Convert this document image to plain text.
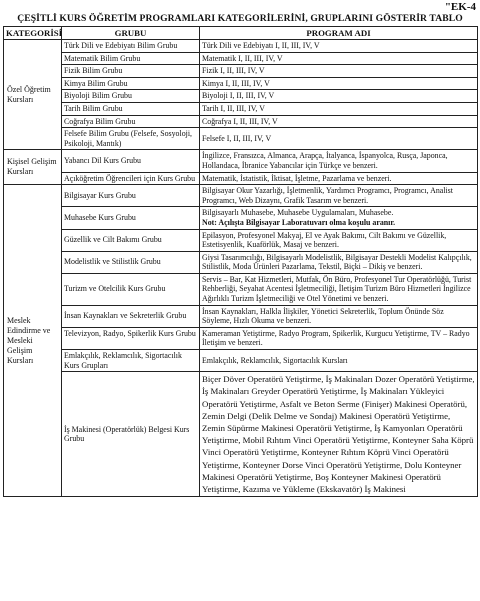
"EK-4
ÇEŞİTLİ KURS ÖĞRETİM PROGRAMLARI KATEGORİLERİNİ, GRUPLARINI GÖSTERİR TABLO
KATEGORİSİ	GRUBU	PROGRAM ADI
Özel Öğretim Kursları	Türk Dili ve Edebiyatı Bilim Grubu	Türk Dili ve Edebiyatı I, II, III, IV, V
	Matematik Bilim Grubu	Matematik I, II, III, IV, V
	Fizik Bilim Grubu	Fizik I, II, III, IV, V
	Kimya Bilim Grubu	Kimya I, II, III, IV, V
	Biyoloji Bilim Grubu	Biyoloji I, II, III, IV, V
	Tarih Bilim Grubu	Tarih I, II, III, IV, V
	Coğrafya Bilim Grubu	Coğrafya I, II, III, IV, V
	Felsefe Bilim Grubu (Felsefe, Sosyoloji, Psikoloji, Mantık)	Felsefe I, II, III, IV, V
Kişisel Gelişim Kursları	Yabancı Dil Kurs Grubu	İngilizce, Fransızca, Almanca, Arapça, İtalyanca, İspanyolca, Rusça, Japonca, Hollandaca, İbranice Yabancılar için Türkçe ve benzeri.
	Açıköğretim Öğrencileri için Kurs Grubu	Matematik, İstatistik, İktisat, İşletme, Pazarlama ve benzeri.
Meslek Edindirme ve Mesleki Gelişim Kursları	Bilgisayar Kurs Grubu	Bilgisayar Okur Yazarlığı, İşletmenlik, Yardımcı Programcı, Programcı, Analist Programcı, Web Dizaynı, Grafik Tasarım ve benzeri.
	Muhasebe Kurs Grubu	Bilgisayarlı Muhasebe, Muhasebe Uygulamaları, Muhasebe.
Not: Açılışta Bilgisayar Laboratuvarı olma koşulu aranır.

	Güzellik ve Cilt Bakımı Grubu	Epilasyon, Profesyonel Makyaj, El ve Ayak Bakımı, Cilt Bakımı ve Güzellik, Estetisyenlik, Kuaförlük, Masaj ve benzeri.
	Modelistlik ve Stilistlik Grubu	Giysi Tasarımcılığı, Bilgisayarlı Modelistlik, Bilgisayar Destekli Modelist Kalıpçılık, Stilistlik, Moda Ürünleri Pazarlama, Tekstil, Biçki – Dikiş ve benzeri.
	Turizm ve Otelcilik Kurs Grubu	Servis – Bar, Kat Hizmetleri, Mutfak, Ön Büro, Profesyonel Tur Operatörlüğü, Turist Rehberliği, Seyahat Acentesi İşletmeciliği, İletişim Turizm Büro Hizmetleri İngilizce Ağırlıklı Turizm İşletmeciliği ve Otel Yönetimi ve benzeri.
	İnsan Kaynakları ve Sekreterlik Grubu	İnsan Kaynakları, Halkla İlişkiler, Yönetici Sekreterlik, Toplum Önünde Söz Söyleme, Hızlı Okuma ve benzeri.
	Televizyon, Radyo, Spikerlik Kurs Grubu	Kameraman Yetiştirme, Radyo Program, Spikerlik, Kurgucu Yetiştirme, TV – Radyo İletişim ve benzeri.
	Emlakçılık, Reklamcılık, Sigortacılık Kurs Grupları	Emlakçılık, Reklamcılık, Sigortacılık Kursları
	İş Makinesi (Operatörlük) Belgesi Kurs Grubu	Biçer Döver Operatörü Yetiştirme, İş Makinaları Dozer Operatörü Yetiştirme, İş Makinaları Greyder Operatörü Yetiştirme, İş Makinaları Yükleyici Operatörü Yetiştirme, Asfalt ve Beton Serme (Finişer) Makinesi Operatörü, Zemin Delgi (Delik Delme ve Sondaj) Makinesi Operatörü Yetiştirme, Zemin Süpürme Makinesi Operatörü Yetiştirme, İş Kamyonları Operatörü Yetiştirme, Mobil Rıhtım Vinci Operatörü Yetiştirme, Konteyner Saha Köprü Vinci Operatörü Yetiştirme, Konteyner Rıhtım Köprü Vinci Operatörü Yetiştirme, Konteyner Dorse Vinci Operatörü Yetiştirme, Dolu Konteyner Makinesi Operatörü Yetiştirme, Boş Konteyner Makinesi Operatörü Yetiştirme, Kazıma ve Yükleme (Ekskavatör) İş Makinesi
